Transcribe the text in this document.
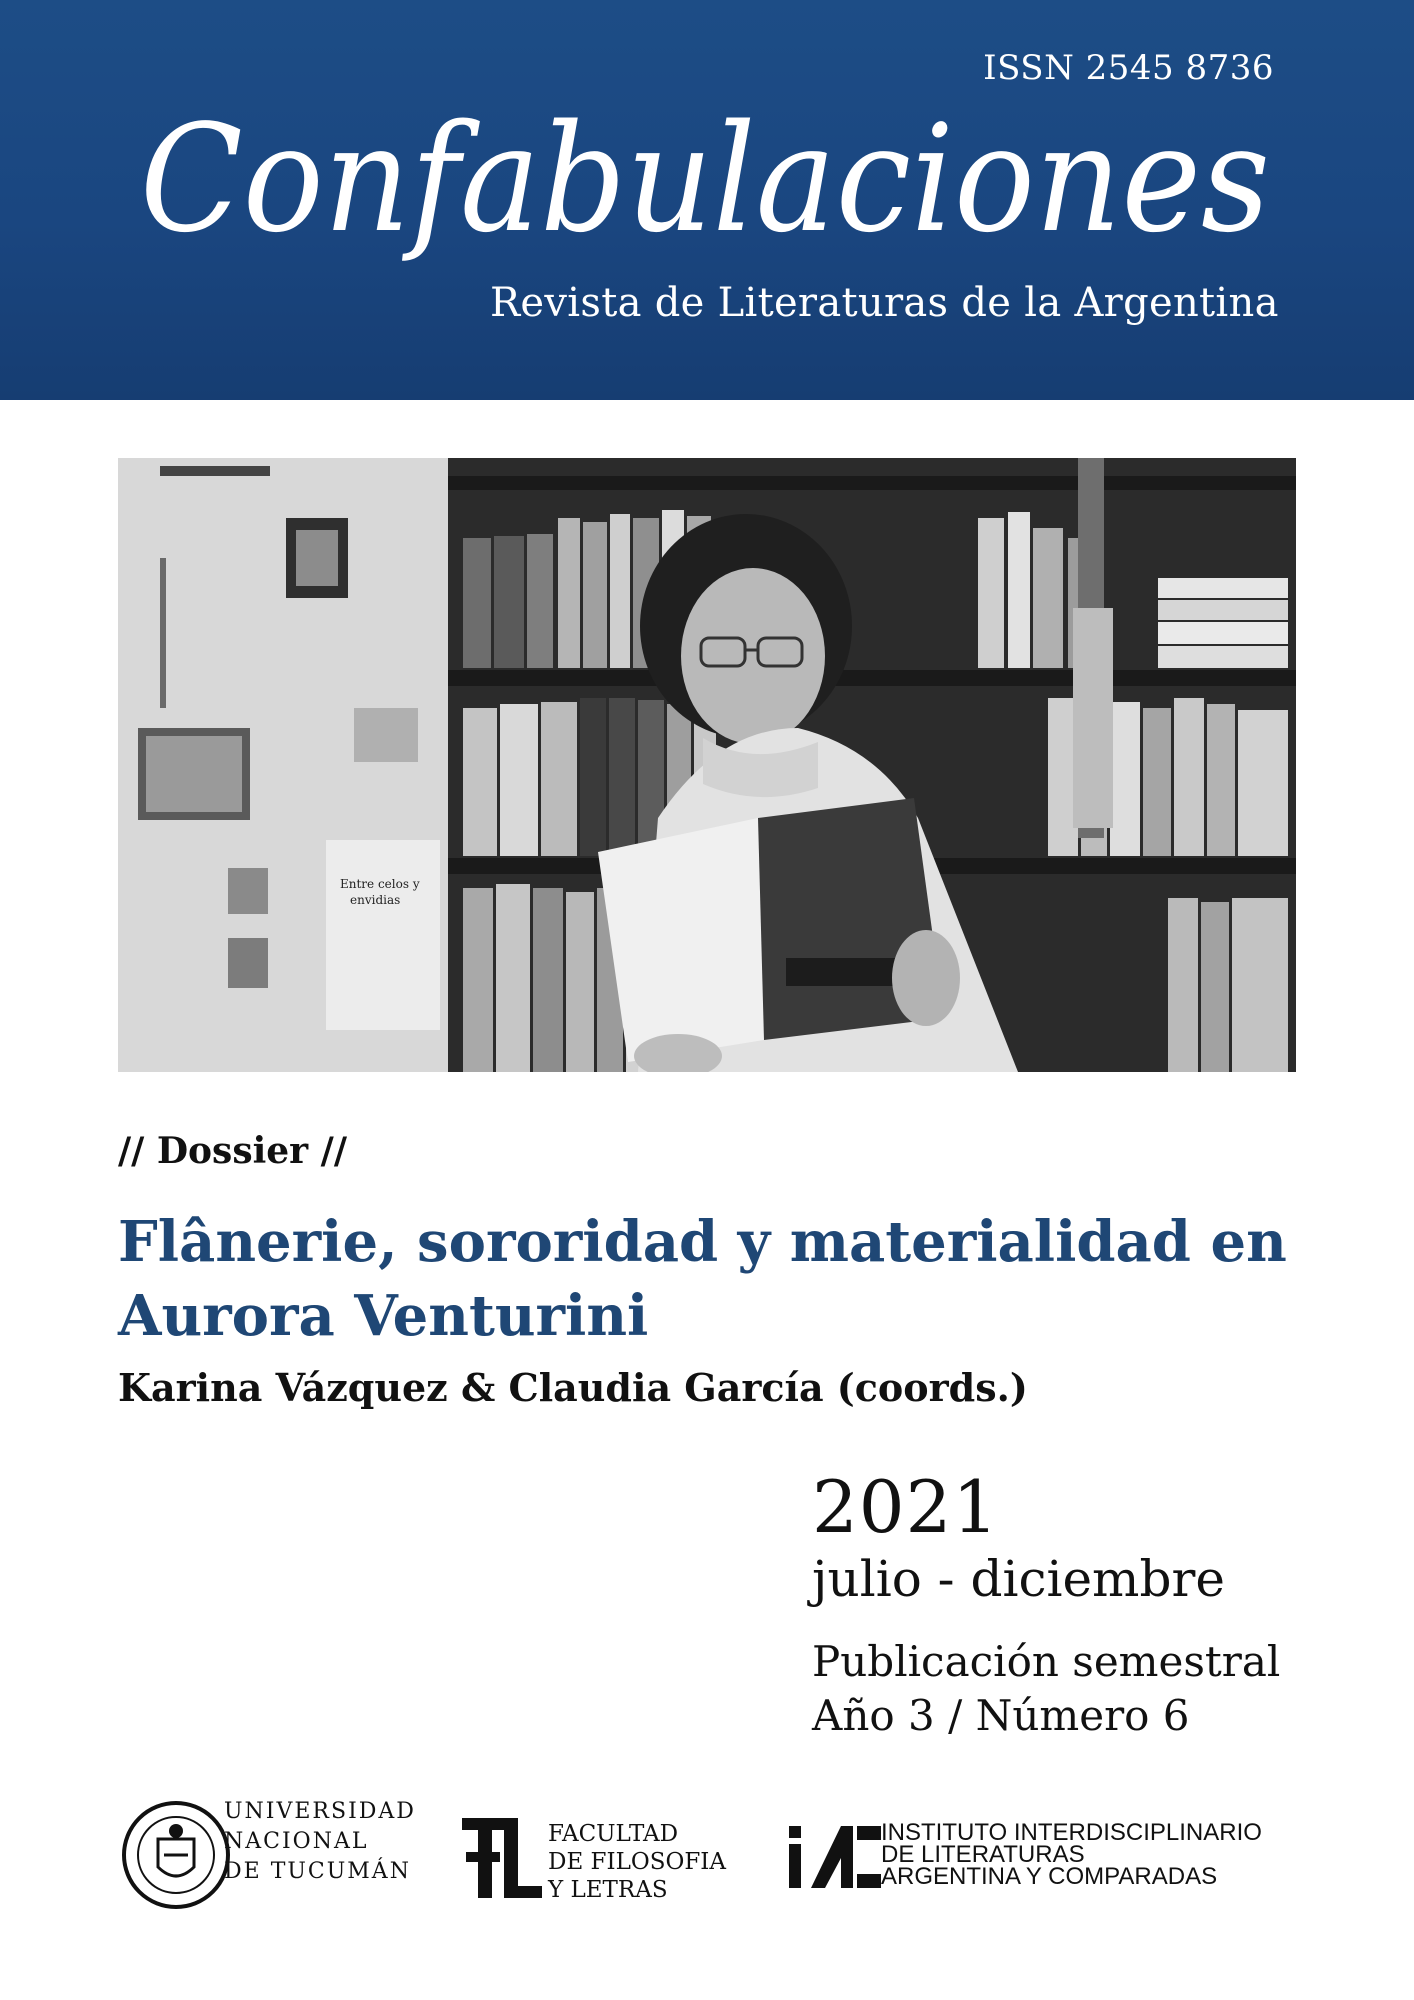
ISSN 2545 8736
Confabulaciones
Revista de Literaturas de la Argentina
Entre celos y
envidias
// Dossier //
Flânerie, sororidad y materialidad en Aurora Venturini
Karina Vázquez & Claudia García (coords.)
2021
julio - diciembre
Publicación semestral
Año 3 / Número 6
UNIVERSIDAD
NACIONAL
DE TUCUMÁN
FACULTAD
DE FILOSOFIA
Y LETRAS
INSTITUTO INTERDISCIPLINARIO
DE LITERATURAS
ARGENTINA Y COMPARADAS
